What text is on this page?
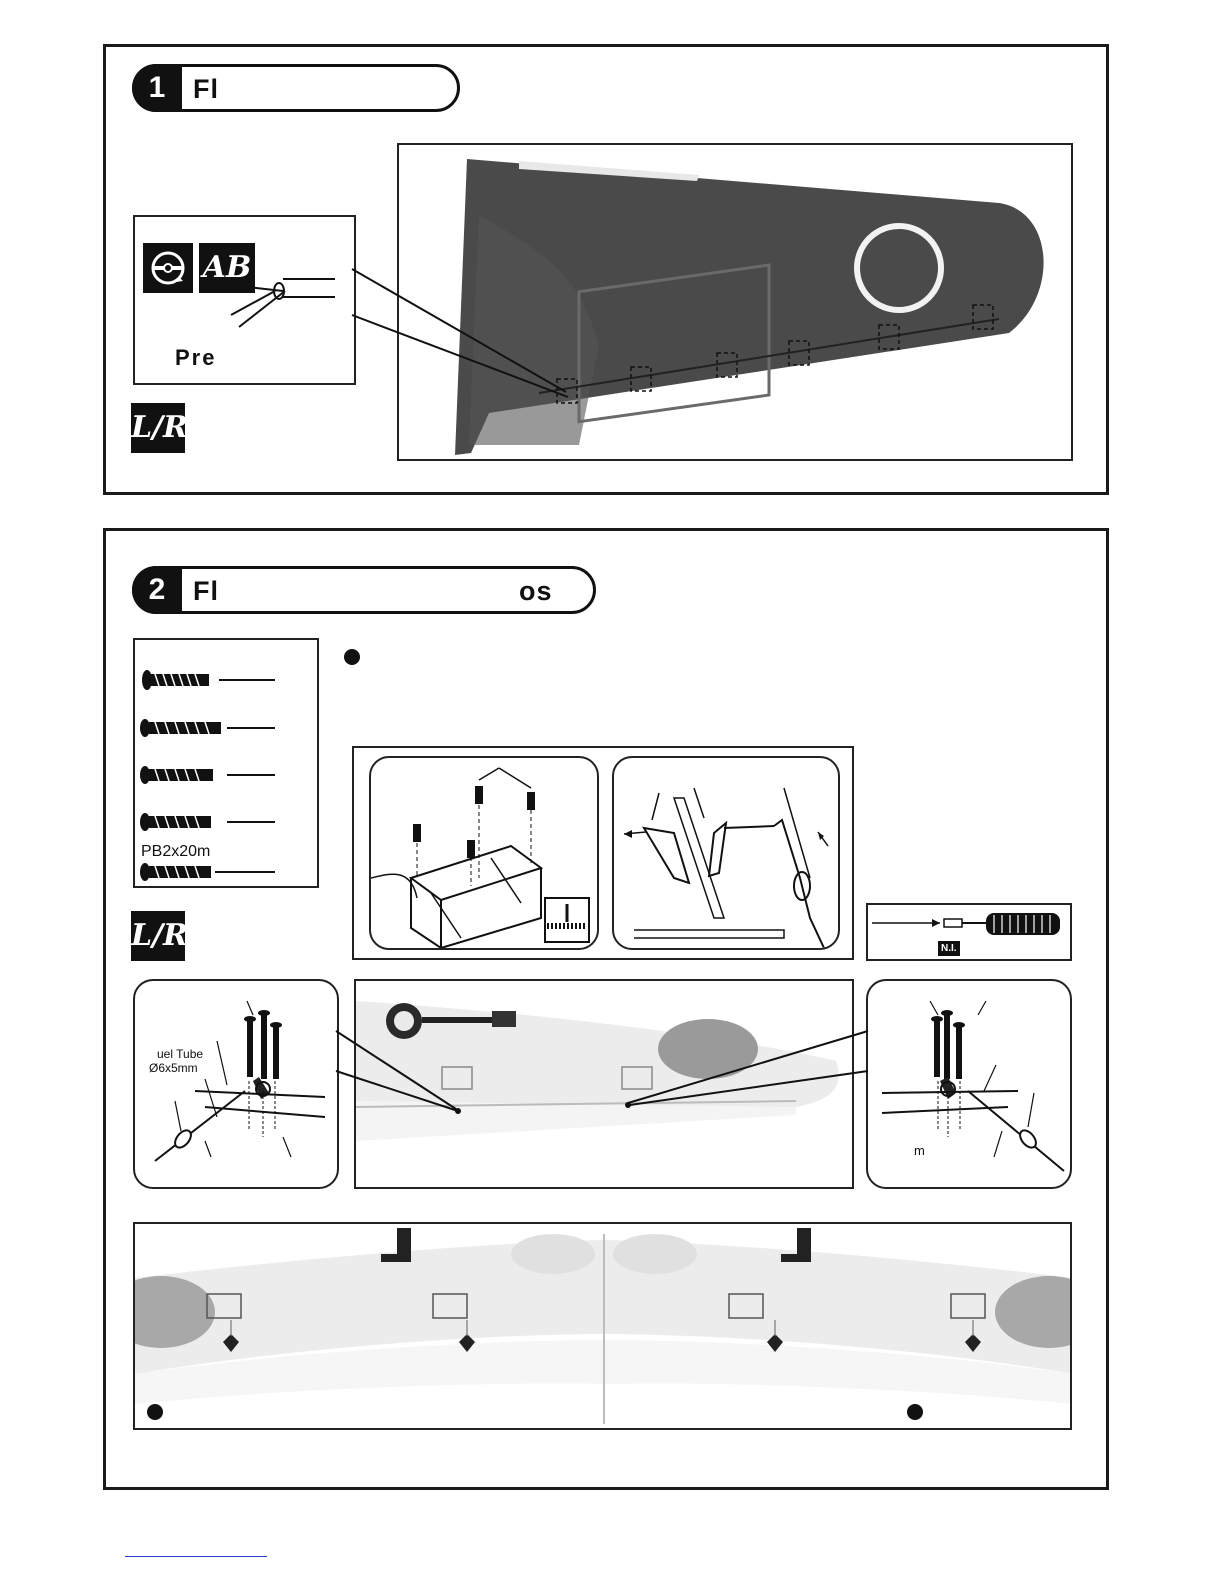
1	Fl
AB
Pre
L/R
2	Fl	os
PB2x20m
L/R	N.I.
uel Tube
Ø6x5mm
m
